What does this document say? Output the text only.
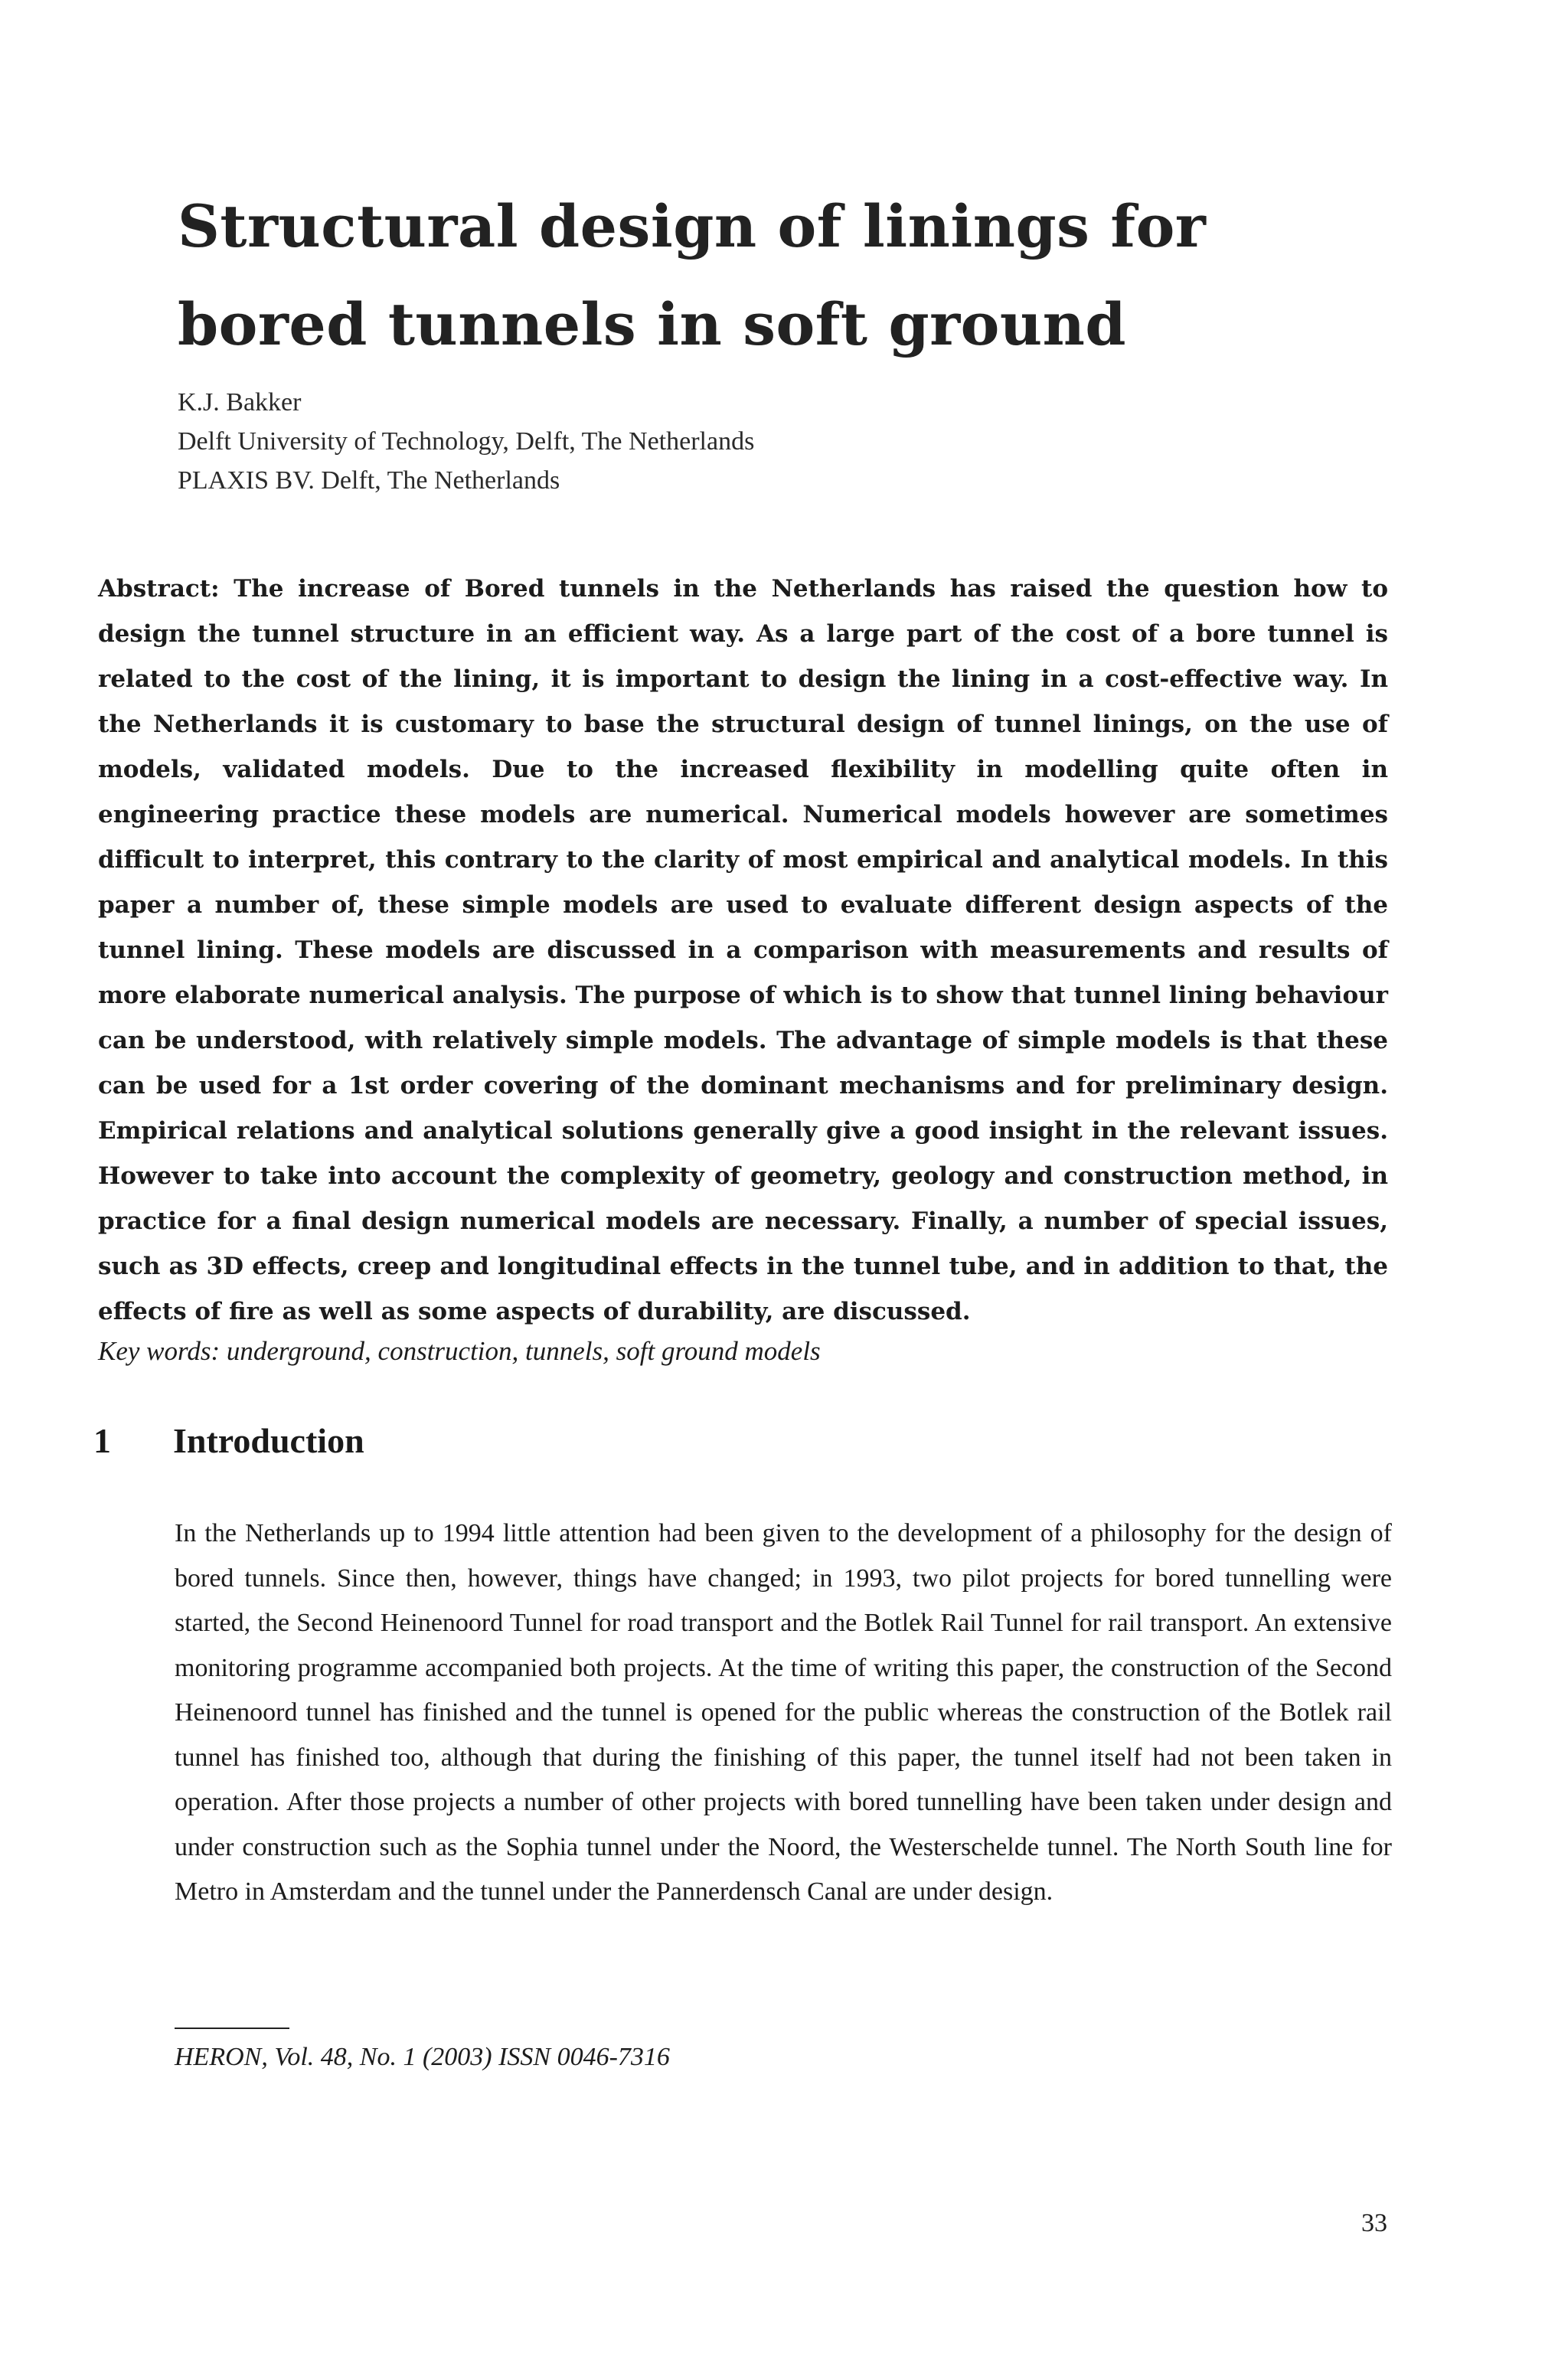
Structural design of linings for bored tunnels in soft ground
K.J. Bakker
Delft University of Technology, Delft, The Netherlands
PLAXIS BV. Delft, The Netherlands

Abstract: The increase of Bored tunnels in the Netherlands has raised the question how to design the tunnel structure in an efficient way. As a large part of the cost of a bore tunnel is related to the cost of the lining, it is important to design the lining in a cost-effective way. In the Netherlands it is customary to base the structural design of tunnel linings, on the use of models, validated models. Due to the increased flexibility in modelling quite often in engineering practice these models are numerical. Numerical models however are sometimes difficult to interpret, this contrary to the clarity of most empirical and analytical models. In this paper a number of, these simple models are used to evaluate different design aspects of the tunnel lining. These models are discussed in a comparison with measurements and results of more elaborate numerical analysis. The purpose of which is to show that tunnel lining behaviour can be understood, with relatively simple models. The advantage of simple models is that these can be used for a 1st order covering of the dominant mechanisms and for preliminary design. Empirical relations and analytical solutions generally give a good insight in the relevant issues. However to take into account the complexity of geometry, geology and construction method, in practice for a final design numerical models are necessary. Finally, a number of special issues, such as 3D effects, creep and longitudinal effects in the tunnel tube, and in addition to that, the effects of fire as well as some aspects of durability, are discussed.

Key words: underground, construction, tunnels, soft ground models

1 Introduction

In the Netherlands up to 1994 little attention had been given to the development of a philosophy for the design of bored tunnels. Since then, however, things have changed; in 1993, two pilot projects for bored tunnelling were started, the Second Heinenoord Tunnel for road transport and the Botlek Rail Tunnel for rail transport. An extensive monitoring programme accompanied both projects. At the time of writing this paper, the construction of the Second Heinenoord tunnel has finished and the tunnel is opened for the public whereas the construction of the Botlek rail tunnel has finished too, although that during the finishing of this paper, the tunnel itself had not been taken in operation. After those projects a number of other projects with bored tunnelling have been taken under design and under construction such as the Sophia tunnel under the Noord, the Westerschelde tunnel. The North South line for Metro in Amsterdam and the tunnel under the Pannerdensch Canal are under design.

HERON, Vol. 48, No. 1 (2003) ISSN 0046-7316

33
